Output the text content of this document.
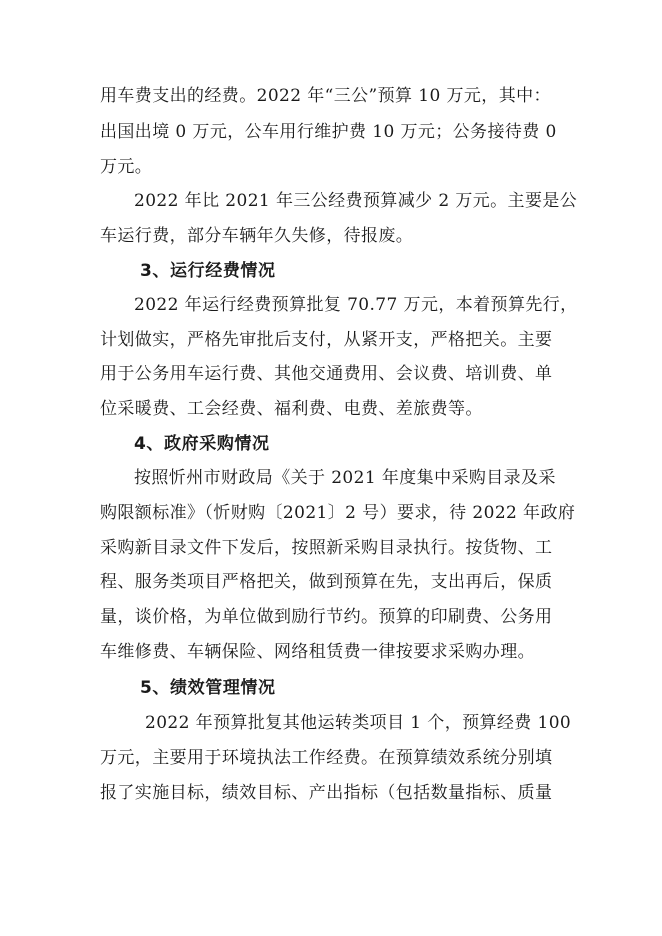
用车费支出的经费。2022 年“三公”预算 10 万元，其中：
出国出境 0 万元，公车用行维护费 10 万元；公务接待费 0
万元。
2022 年比 2021 年三公经费预算减少 2 万元。主要是公
车运行费，部分车辆年久失修，待报废。
3、运行经费情况
2022 年运行经费预算批复 70.77 万元，本着预算先行，
计划做实，严格先审批后支付，从紧开支，严格把关。主要
用于公务用车运行费、其他交通费用、会议费、培训费、单
位采暖费、工会经费、福利费、电费、差旅费等。
4、政府采购情况
按照忻州市财政局《关于 2021 年度集中采购目录及采
购限额标准》（忻财购〔2021〕2 号）要求，待 2022 年政府
采购新目录文件下发后，按照新采购目录执行。按货物、工
程、服务类项目严格把关，做到预算在先，支出再后，保质
量，谈价格，为单位做到励行节约。预算的印刷费、公务用
车维修费、车辆保险、网络租赁费一律按要求采购办理。
5、绩效管理情况
2022 年预算批复其他运转类项目 1 个，预算经费 100
万元，主要用于环境执法工作经费。在预算绩效系统分别填
报了实施目标，绩效目标、产出指标（包括数量指标、质量
